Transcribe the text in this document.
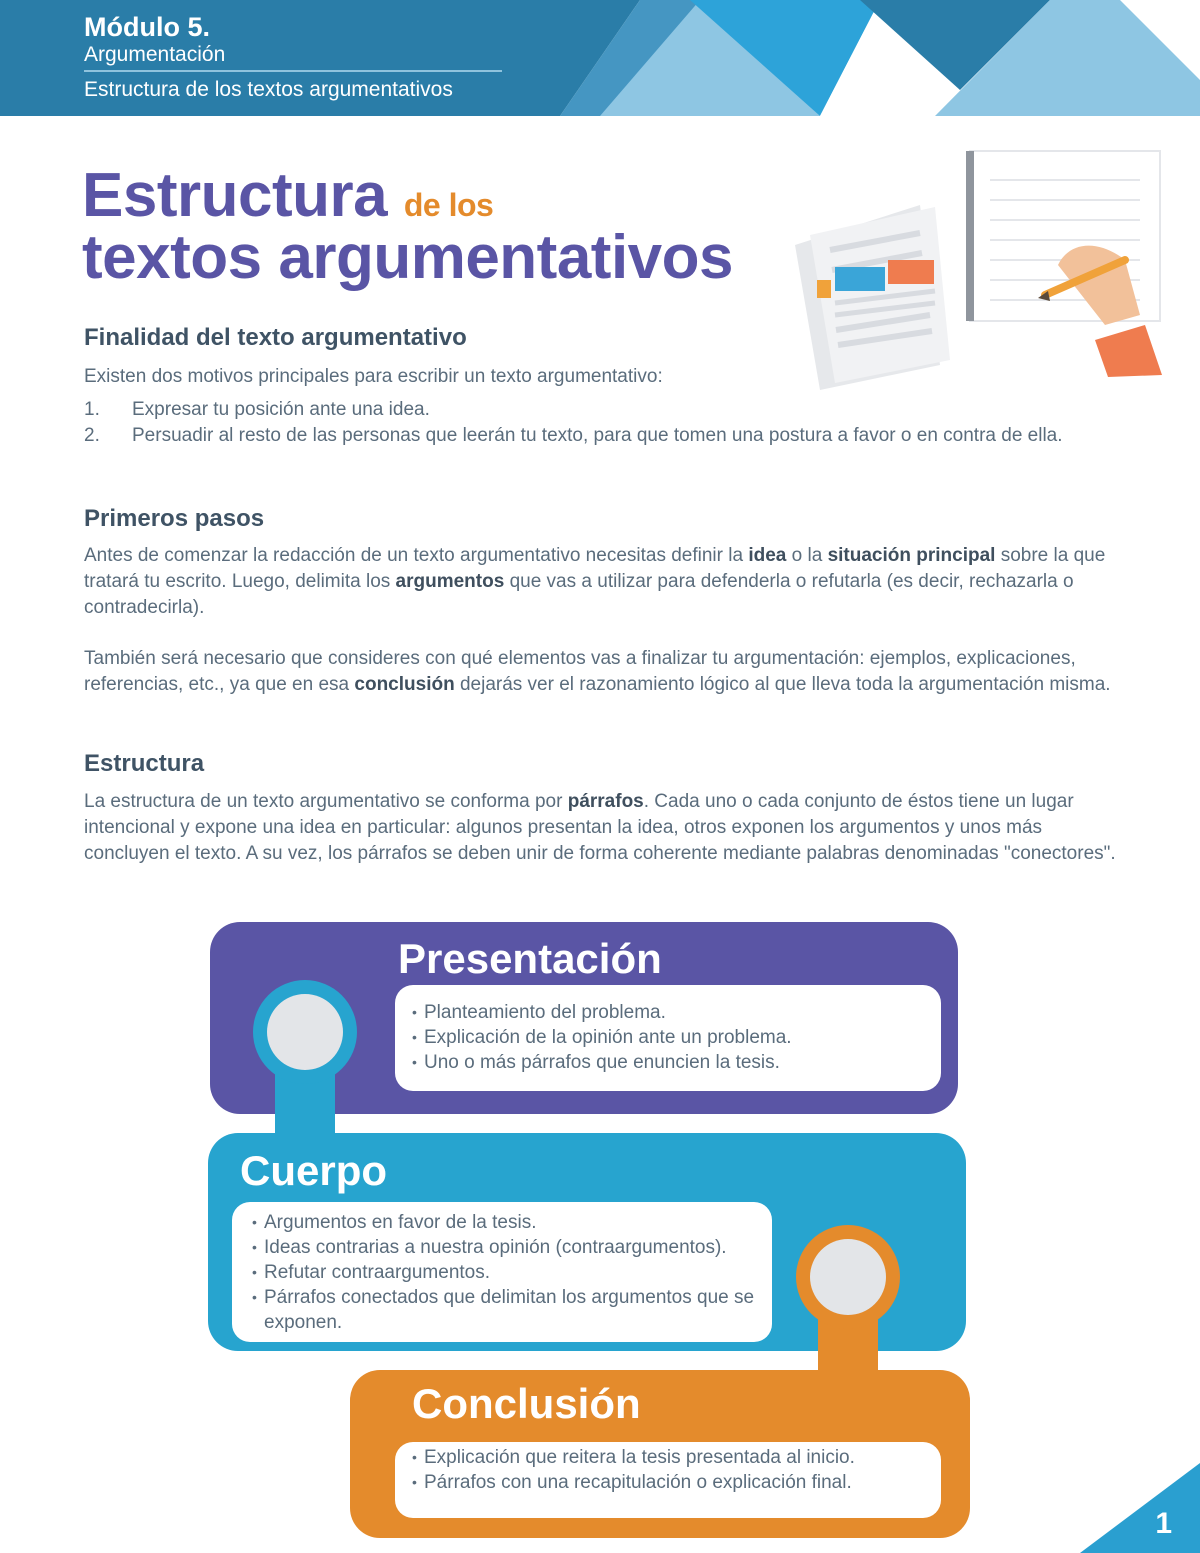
Módulo 5.
Argumentación
Estructura de los textos argumentativos
Estructura de los
textos argumentativos
Finalidad del texto argumentativo
Existen dos motivos principales para escribir un texto argumentativo:
1. Expresar tu posición ante una idea.
2. Persuadir al resto de las personas que leerán tu texto, para que tomen una postura a favor o en contra de ella.
Primeros pasos
Antes de comenzar la redacción de un texto argumentativo necesitas definir la idea o la situación principal sobre la que tratará tu escrito. Luego, delimita los argumentos que vas a utilizar para defenderla o refutarla (es decir, rechazarla o contradecirla).
También será necesario que consideres con qué elementos vas a finalizar tu argumentación: ejemplos, explicaciones, referencias, etc., ya que en esa conclusión dejarás ver el razonamiento lógico al que lleva toda la argumentación misma.
Estructura
La estructura de un texto argumentativo se conforma por párrafos. Cada uno o cada conjunto de éstos tiene un lugar intencional y expone una idea en particular: algunos presentan la idea, otros exponen los argumentos y unos más concluyen el texto. A su vez, los párrafos se deben unir de forma coherente mediante palabras denominadas "conectores".
Presentación
• Planteamiento del problema.
• Explicación de la opinión ante un problema.
• Uno o más párrafos que enuncien la tesis.
Cuerpo
• Argumentos en favor de la tesis.
• Ideas contrarias a nuestra opinión (contraargumentos).
• Refutar contraargumentos.
• Párrafos conectados que delimitan los argumentos que se exponen.
Conclusión
• Explicación que reitera la tesis presentada al inicio.
• Párrafos con una recapitulación o explicación final.
1
